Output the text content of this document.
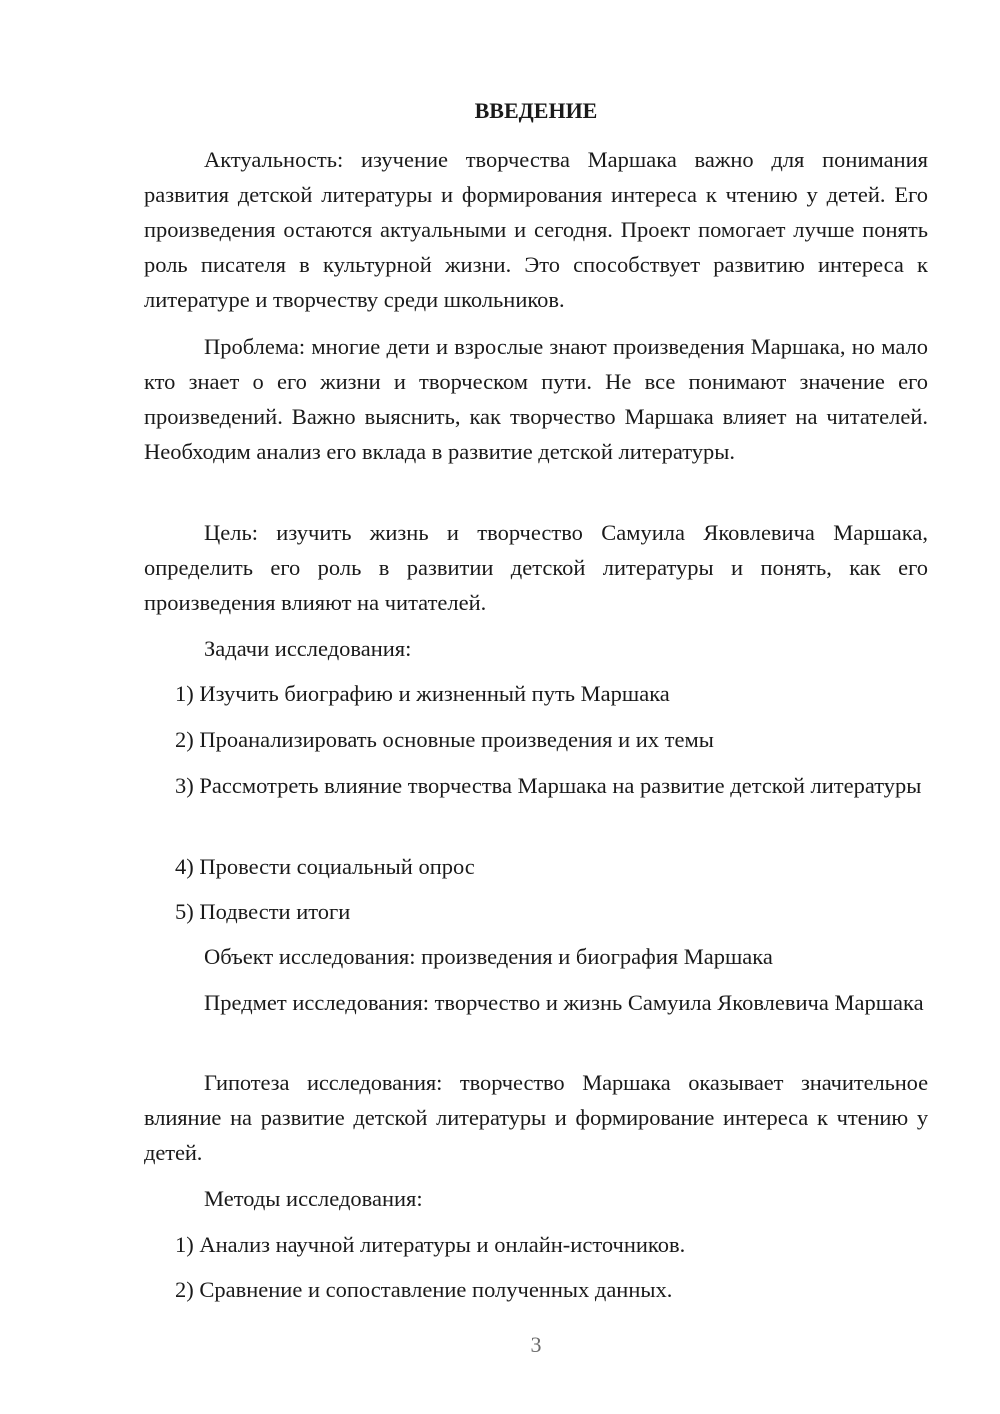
ВВЕДЕНИЕ

Актуальность: изучение творчества Маршака важно для понимания развития детской литературы и формирования интереса к чтению у детей. Его произведения остаются актуальными и сегодня. Проект помогает лучше понять роль писателя в культурной жизни. Это способствует развитию интереса к литературе и творчеству среди школьников.

Проблема: многие дети и взрослые знают произведения Маршака, но мало кто знает о его жизни и творческом пути. Не все понимают значение его произведений. Важно выяснить, как творчество Маршака влияет на читателей. Необходим анализ его вклада в развитие детской литературы.

Цель: изучить жизнь и творчество Самуила Яковлевича Маршака, определить его роль в развитии детской литературы и понять, как его произведения влияют на читателей.

Задачи исследования:

1) Изучить биографию и жизненный путь Маршака

2) Проанализировать основные произведения и их темы

3) Рассмотреть влияние творчества Маршака на развитие детской литературы

4) Провести социальный опрос

5) Подвести итоги

Объект исследования: произведения и биография Маршака

Предмет исследования: творчество и жизнь Самуила Яковлевича Маршака

Гипотеза исследования: творчество Маршака оказывает значительное влияние на развитие детской литературы и формирование интереса к чтению у детей.

Методы исследования:

1) Анализ научной литературы и онлайн-источников.

2) Сравнение и сопоставление полученных данных.

3
